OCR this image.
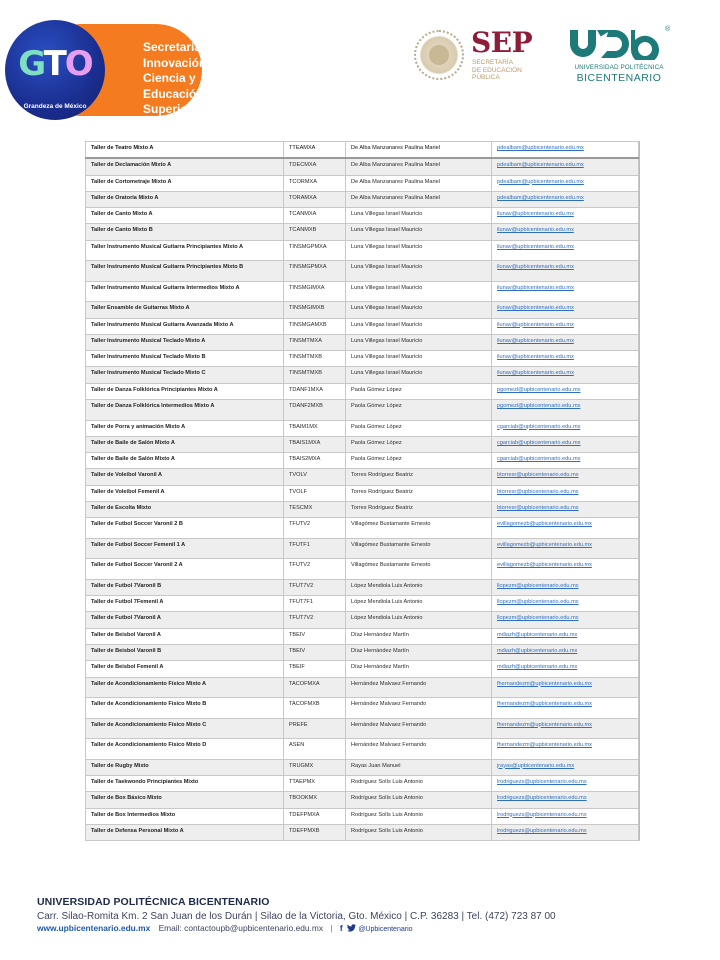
Secretaría de
Innovación,
Ciencia y
Educación
Superior
GTO
Grandeza de México
SEP
SECRETARÍA
DE EDUCACIÓN
PÚBLICA
®
UNIVERSIDAD POLITÉCNICA
BICENTENARIO
Taller de Teatro Mixto A	TTEAMXA	De Alba Manzanares Paulina Mariel	pdealbam@upbicentenario.edu.mx
Taller de Declamación Mixto A	TDECMXA	De Alba Manzanares Paulina Mariel	pdealbam@upbicentenario.edu.mx
Taller de Cortometraje Mixto A	TCORMXA	De Alba Manzanares Paulina Mariel	pdealbam@upbicentenario.edu.mx
Taller de Oratoria Mixto A	TORAMXA	De Alba Manzanares Paulina Mariel	pdealbam@upbicentenario.edu.mx
Taller de Canto Mixto A	TCANMXA	Luna Villegas Israel Mauricio	ilunav@upbicentenario.edu.mx
Taller de Canto Mixto B	TCANMXB	Luna Villegas Israel Mauricio	ilunav@upbicentenario.edu.mx
Taller Instrumento Musical Guitarra Principiantes Mixto A	TINSMGPMXA	Luna Villegas Israel Mauricio	ilunav@upbicentenario.edu.mx
Taller Instrumento Musical Guitarra Principiantes Mixto B	TINSMGPMXA	Luna Villegas Israel Mauricio	ilunav@upbicentenario.edu.mx
Taller Instrumento Musical Guitarra Intermedios Mixto A	TINSMGIMXA	Luna Villegas Israel Mauricio	ilunav@upbicentenario.edu.mx
Taller Ensamble de Guitarras Mixto A	TINSMGIMXB	Luna Villegas Israel Mauricio	ilunav@upbicentenario.edu.mx
Taller Instrumento Musical Guitarra Avanzada Mixto A	TINSMGAMXB	Luna Villegas Israel Mauricio	ilunav@upbicentenario.edu.mx
Taller Instrumento Musical Teclado Mixto A	TINSMTMXA	Luna Villegas Israel Mauricio	ilunav@upbicentenario.edu.mx
Taller Instrumento Musical Teclado Mixto B	TINSMTMXB	Luna Villegas Israel Mauricio	ilunav@upbicentenario.edu.mx
Taller Instrumento Musical Teclado Mixto C	TINSMTMXB	Luna Villegas Israel Mauricio	ilunav@upbicentenario.edu.mx
Taller de Danza Folklórica Principiantes Mixto A	TDANF1MXA	Paola Gómez López	pgomezl@upbicentenario.edu.mx
Taller de Danza Folklórica Intermedios Mixto A	TDANF2MXB	Paola Gómez López	pgomezl@upbicentenario.edu.mx
Taller de Porra y animación Mixto A	TBAIM1MX	Paola Gómez López	cgarciab@upbicentenario.edu.mx
Taller de Baile de Salón Mixto A	TBAIS1MXA	Paola Gómez López	cgarciab@upbicentenario.edu.mx
Taller de Baile de Salón Mixto A	TBAIS2MXA	Paola Gómez López	cgarciab@upbicentenario.edu.mx
Taller de Voleibol Varonil A	TVOLV	Torres Rodríguez Beatriz	btorresr@upbicentenario.edu.mx
Taller de Voleibol Femenil A	TVOLF	Torres Rodríguez Beatriz	btorresr@upbicentenario.edu.mx
Taller de Escolta Mixto	TESCMX	Torres Rodríguez Beatriz	btorresr@upbicentenario.edu.mx
Taller de Futbol Soccer Varonil 2 B	TFUTV2	Villagómez Bustamante Ernesto	evillagomezb@upbicentenario.edu.mx
Taller de Futbol Soccer Femenil 1 A	TFUTF1	Villagómez Bustamante Ernesto	evillagomezb@upbicentenario.edu.mx
Taller de Futbol Soccer Varonil 2 A	TFUTV2	Villagómez Bustamante Ernesto	evillagomezb@upbicentenario.edu.mx
Taller de Futbol 7Varonil B	TFUT7V2	López Mendiola Luis Antonio	llopezm@upbicentenario.edu.mx
Taller de Futbol 7Femenil A	TFUT7F1	López Mendiola Luis Antonio	llopezm@upbicentenario.edu.mx
Taller de Futbol 7Varonil A	TFUT7V2	López Mendiola Luis Antonio	llopezm@upbicentenario.edu.mx
Taller de Beisbol Varonil A	TBEIV	Díaz Hernández Martín	mdiazh@upbicentenario.edu.mx
Taller de Beisbol Varonil B	TBEIV	Díaz Hernández Martín	mdiazh@upbicentenario.edu.mx
Taller de Beisbol Femenil A	TBEIF	Díaz Hernández Martín	mdiazh@upbicentenario.edu.mx
Taller de Acondicionamiento Físico Mixto A	TACOFMXA	Hernández Malvaez Fernando	fhernandezm@upbicentenario.edu.mx
Taller de Acondicionamiento Físico Mixto B	TACOFMXB	Hernández Malvaez Fernando	fhernandezm@upbicentenario.edu.mx
Taller de Acondicionamiento Físico Mixto C	PREFE	Hernández Malvaez Fernando	fhernandezm@upbicentenario.edu.mx
Taller de Acondicionamiento Físico Mixto D	ASEN	Hernández Malvaez Fernando	fhernandezm@upbicentenario.edu.mx
Taller de Rugby Mixto	TRUGMX	Rayas Juan Manuel	jrayas@upbicentenario.edu.mx
Taller de Taekwondo Principiantes Mixto	TTAEPMX	Rodríguez Solís Luis Antonio	lrodriguezs@upbicentenario.edu.mx
Taller de Box Básico Mixto	TBOOKMX	Rodríguez Solís Luis Antonio	lrodriguezs@upbicentenario.edu.mx
Taller de Box Intermedios Mixto	TDEFPMXA	Rodríguez Solís Luis Antonio	lrodriguezs@upbicentenario.edu.mx
Taller de Defensa Personal Mixto A	TDEFPMXB	Rodríguez Solís Luis Antonio	lrodriguezs@upbicentenario.edu.mx
UNIVERSIDAD POLITÉCNICA BICENTENARIO
Carr. Silao-Romita Km. 2 San Juan de los Durán | Silao de la Victoria, Gto. México | C.P. 36283 | Tel. (472) 723 87 00
www.upbicentenario.edu.mx Email: contactoupb@upbicentenario.edu.mx | f @Upbicentenario
